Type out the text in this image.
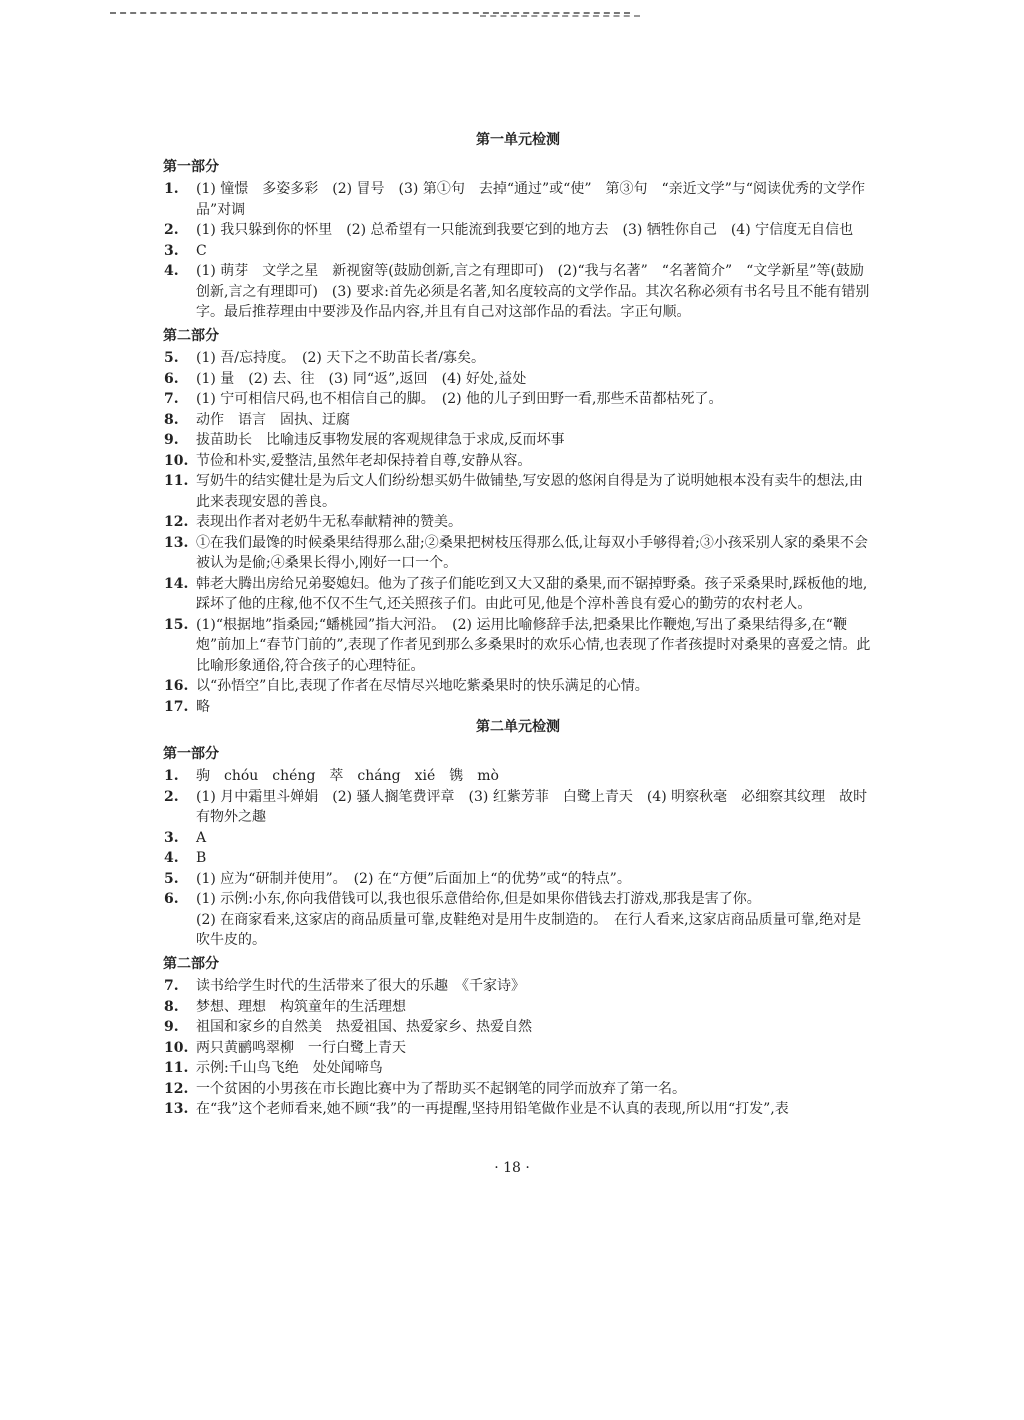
第一单元检测
第一部分
1.	(1) 憧憬　多姿多彩　(2) 冒号　(3) 第①句　去掉“通过”或“使”　第③句　“亲近文学”与“阅读优秀的文学作品”对调
2.	(1) 我只躲到你的怀里　(2) 总希望有一只能流到我要它到的地方去　(3) 牺牲你自己　(4) 宁信度无自信也
3.	C
4.	(1) 萌芽　文学之星　新视窗等(鼓励创新,言之有理即可)　(2)“我与名著”　“名著简介”　“文学新星”等(鼓励创新,言之有理即可)　(3) 要求:首先必须是名著,知名度较高的文学作品。其次名称必须有书名号且不能有错别字。最后推荐理由中要涉及作品内容,并且有自己对这部作品的看法。字正句顺。
第二部分
5.	(1) 吾/忘持度。　(2) 天下之不助苗长者/寡矣。
6.	(1) 量　(2) 去、往　(3) 同“返”,返回　(4) 好处,益处
7.	(1) 宁可相信尺码,也不相信自己的脚。　(2) 他的儿子到田野一看,那些禾苗都枯死了。
8.	动作　语言　固执、迂腐
9.	拔苗助长　比喻违反事物发展的客观规律急于求成,反而坏事
10. 节俭和朴实,爱整洁,虽然年老却保持着自尊,安静从容。
11. 写奶牛的结实健壮是为后文人们纷纷想买奶牛做铺垫,写安恩的悠闲自得是为了说明她根本没有卖牛的想法,由此来表现安恩的善良。
12. 表现出作者对老奶牛无私奉献精神的赞美。
13. ①在我们最馋的时候桑果结得那么甜;②桑果把树枝压得那么低,让每双小手够得着;③小孩采别人家的桑果不会被认为是偷;④桑果长得小,刚好一口一个。
14. 韩老大腾出房给兄弟娶媳妇。他为了孩子们能吃到又大又甜的桑果,而不锯掉野桑。孩子采桑果时,踩板他的地,踩坏了他的庄稼,他不仅不生气,还关照孩子们。由此可见,他是个淳朴善良有爱心的勤劳的农村老人。
15. (1)“根据地”指桑园;“蟠桃园”指大河沿。　(2) 运用比喻修辞手法,把桑果比作鞭炮,写出了桑果结得多,在“鞭炮”前加上“春节门前的”,表现了作者见到那么多桑果时的欢乐心情,也表现了作者孩提时对桑果的喜爱之情。此比喻形象通俗,符合孩子的心理特征。
16. 以“孙悟空”自比,表现了作者在尽情尽兴地吃紫桑果时的快乐满足的心情。
17. 略
第二单元检测
第一部分
1.	驹　chóu　chéng　萃　cháng　xié　镌　mò
2.	(1) 月中霜里斗婵娟　(2) 骚人搁笔费评章　(3) 红紫芳菲　白鹭上青天　(4) 明察秋毫　必细察其纹理　故时有物外之趣
3.	A
4.	B
5.	(1) 应为“研制并使用”。　(2) 在“方便”后面加上“的优势”或“的特点”。
6.	(1) 示例:小东,你向我借钱可以,我也很乐意借给你,但是如果你借钱去打游戏,那我是害了你。
(2) 在商家看来,这家店的商品质量可靠,皮鞋绝对是用牛皮制造的。　在行人看来,这家店商品质量可靠,绝对是吹牛皮的。
第二部分
7.	读书给学生时代的生活带来了很大的乐趣　《千家诗》
8.	梦想、理想　构筑童年的生活理想
9.	祖国和家乡的自然美　热爱祖国、热爱家乡、热爱自然
10. 两只黄鹂鸣翠柳　一行白鹭上青天
11. 示例:千山鸟飞绝　处处闻啼鸟
12. 一个贫困的小男孩在市长跑比赛中为了帮助买不起钢笔的同学而放弃了第一名。
13. 在“我”这个老师看来,她不顾“我”的一再提醒,坚持用铅笔做作业是不认真的表现,所以用“打发”,表
· 18 ·
